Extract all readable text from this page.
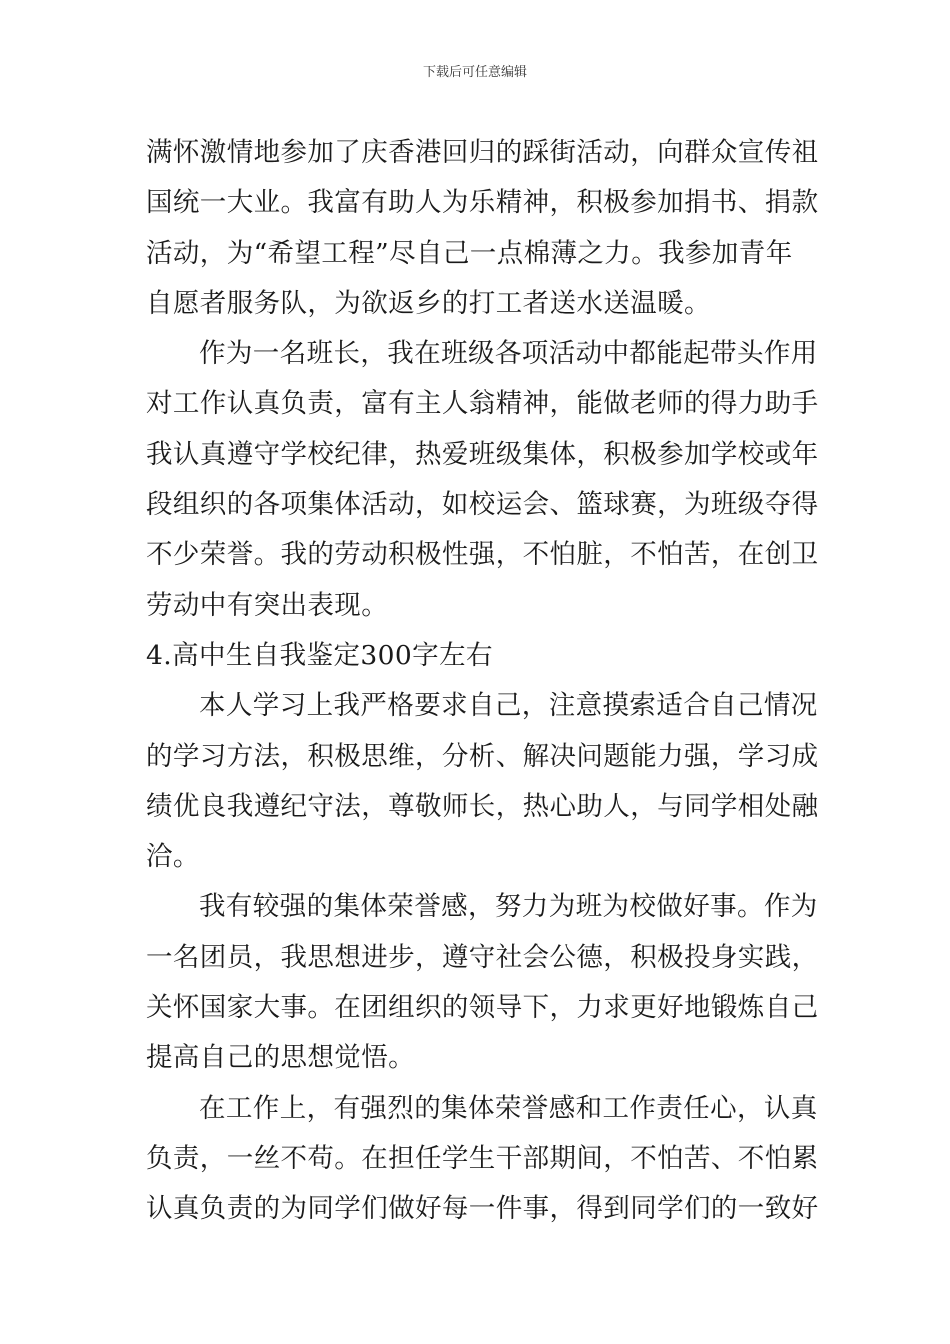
下载后可任意编辑
满怀激情地参加了庆香港回归的踩街活动，向群众宣传祖
国统一大业。我富有助人为乐精神，积极参加捐书、捐款
活动，为“希望工程”尽自己一点棉薄之力。我参加青年
自愿者服务队，为欲返乡的打工者送水送温暖。
作为一名班长，我在班级各项活动中都能起带头作用
对工作认真负责，富有主人翁精神，能做老师的得力助手
我认真遵守学校纪律，热爱班级集体，积极参加学校或年
段组织的各项集体活动，如校运会、篮球赛，为班级夺得
不少荣誉。我的劳动积极性强，不怕脏，不怕苦，在创卫
劳动中有突出表现。
4.高中生自我鉴定300字左右
本人学习上我严格要求自己，注意摸索适合自己情况
的学习方法，积极思维，分析、解决问题能力强，学习成
绩优良我遵纪守法，尊敬师长，热心助人，与同学相处融
洽。
我有较强的集体荣誉感，努力为班为校做好事。作为
一名团员，我思想进步，遵守社会公德，积极投身实践，
关怀国家大事。在团组织的领导下，力求更好地锻炼自己
提高自己的思想觉悟。
在工作上，有强烈的集体荣誉感和工作责任心，认真
负责，一丝不苟。在担任学生干部期间，不怕苦、不怕累
认真负责的为同学们做好每一件事，得到同学们的一致好
